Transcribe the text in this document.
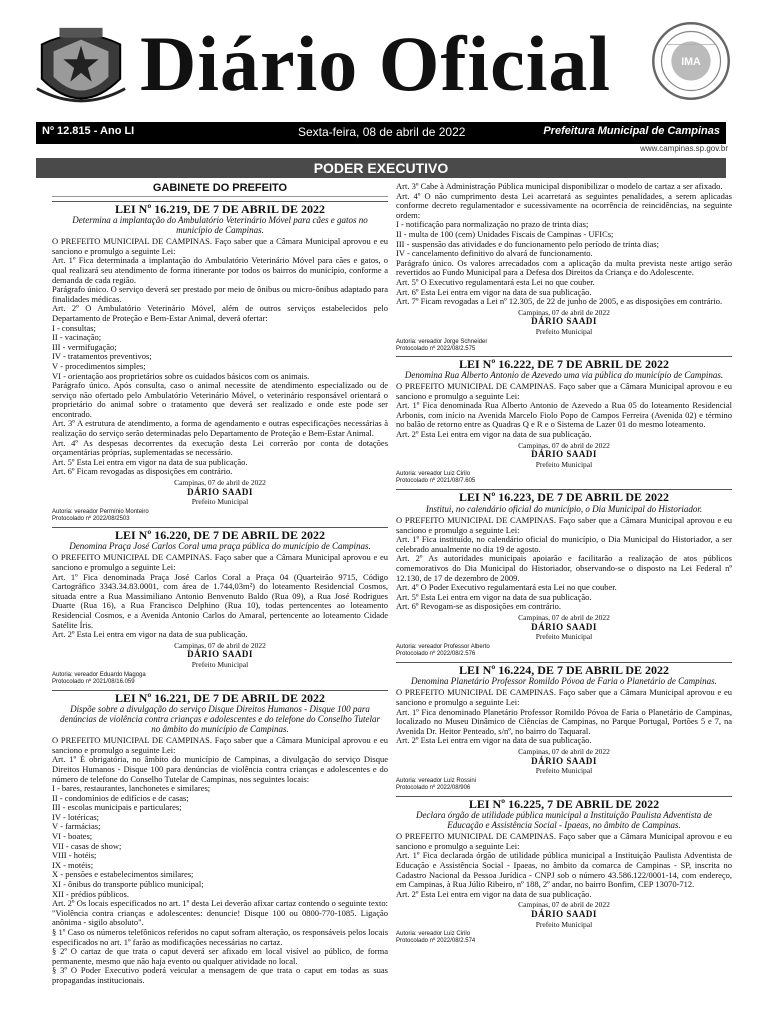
Diário Oficial	IMA
Nº 12.815 - Ano LI	Sexta-feira, 08 de abril de 2022	Prefeitura Municipal de Campinas
www.campinas.sp.gov.br
PODER EXECUTIVO
GABINETE DO PREFEITO
LEI Nº 16.219, DE 7 DE ABRIL DE 2022
Determina a implantação do Ambulatório Veterinário Móvel para cães e gatos no município de Campinas.

O PREFEITO MUNICIPAL DE CAMPINAS. Faço saber que a Câmara Municipal aprovou e eu sanciono e promulgo a seguinte Lei:

Art. 1º Fica determinada a implantação do Ambulatório Veterinário Móvel para cães e gatos, o qual realizará seu atendimento de forma itinerante por todos os bairros do município, conforme a demanda de cada região.

Parágrafo único. O serviço deverá ser prestado por meio de ônibus ou micro-ônibus adaptado para finalidades médicas.

Art. 2º O Ambulatório Veterinário Móvel, além de outros serviços estabelecidos pelo Departamento de Proteção e Bem-Estar Animal, deverá ofertar:

I - consultas;

II - vacinação;

III - vermifugação;

IV - tratamentos preventivos;

V - procedimentos simples;

VI - orientação aos proprietários sobre os cuidados básicos com os animais.

Parágrafo único. Após consulta, caso o animal necessite de atendimento especializado ou de serviço não ofertado pelo Ambulatório Veterinário Móvel, o veterinário responsável orientará o proprietário do animal sobre o tratamento que deverá ser realizado e onde este pode ser encontrado.

Art. 3º A estrutura de atendimento, a forma de agendamento e outras especificações necessárias à realização do serviço serão determinadas pelo Departamento de Proteção e Bem-Estar Animal.

Art. 4º As despesas decorrentes da execução desta Lei correrão por conta de dotações orçamentárias próprias, suplementadas se necessário.

Art. 5º Esta Lei entra em vigor na data de sua publicação.

Art. 6º Ficam revogadas as disposições em contrário.

Campinas, 07 de abril de 2022
DÁRIO SAADI
Prefeito Municipal
Autoria: vereador Permínio Monteiro
Protocolado nº 2022/08/2503
LEI Nº 16.220, DE 7 DE ABRIL DE 2022
Denomina Praça José Carlos Coral uma praça pública do município de Campinas.

O PREFEITO MUNICIPAL DE CAMPINAS. Faço saber que a Câmara Municipal aprovou e eu sanciono e promulgo a seguinte Lei:

Art. 1º Fica denominada Praça José Carlos Coral a Praça 04 (Quarteirão 9715, Código Cartográfico 3343.34.83.0001, com área de 1.744,03m²) do loteamento Residencial Cosmos, situada entre a Rua Massimiliano Antonio Benvenuto Baldo (Rua 09), a Rua José Rodrigues Duarte (Rua 16), a Rua Francisco Delphino (Rua 10), todas pertencentes ao loteamento Residencial Cosmos, e a Avenida Antonio Carlos do Amaral, pertencente ao loteamento Cidade Satélite Íris.

Art. 2º Esta Lei entra em vigor na data de sua publicação.

Campinas, 07 de abril de 2022
DÁRIO SAADI
Prefeito Municipal
Autoria: vereador Eduardo Magoga
Protocolado nº 2021/08/16.059
LEI Nº 16.221, DE 7 DE ABRIL DE 2022
Dispõe sobre a divulgação do serviço Disque Direitos Humanos - Disque 100 para denúncias de violência contra crianças e adolescentes e do telefone do Conselho Tutelar no âmbito do município de Campinas.

O PREFEITO MUNICIPAL DE CAMPINAS. Faço saber que a Câmara Municipal aprovou e eu sanciono e promulgo a seguinte Lei:

Art. 1º É obrigatória, no âmbito do município de Campinas, a divulgação do serviço Disque Direitos Humanos - Disque 100 para denúncias de violência contra crianças e adolescentes e do número de telefone do Conselho Tutelar de Campinas, nos seguintes locais:

I - bares, restaurantes, lanchonetes e similares;

II - condomínios de edifícios e de casas;

III - escolas municipais e particulares;

IV - lotéricas;

V - farmácias;

VI - boates;

VII - casas de show;

VIII - hotéis;

IX - motéis;

X - pensões e estabelecimentos similares;

XI - ônibus do transporte público municipal;

XII - prédios públicos.

Art. 2º Os locais especificados no art. 1º desta Lei deverão afixar cartaz contendo o seguinte texto: "Violência contra crianças e adolescentes: denuncie! Disque 100 ou 0800-770-1085. Ligação anônima - sigilo absoluto".

§ 1º Caso os números telefônicos referidos no caput sofram alteração, os responsáveis pelos locais especificados no art. 1º farão as modificações necessárias no cartaz.

§ 2º O cartaz de que trata o caput deverá ser afixado em local visível ao público, de forma permanente, mesmo que não haja evento ou qualquer atividade no local.

§ 3º O Poder Executivo poderá veicular a mensagem de que trata o caput em todas as suas propagandas institucionais.

Art. 3º Cabe à Administração Pública municipal disponibilizar o modelo de cartaz a ser afixado.

Art. 4º O não cumprimento desta Lei acarretará as seguintes penalidades, a serem aplicadas conforme decreto regulamentador e sucessivamente na ocorrência de reincidências, na seguinte ordem:

I - notificação para normalização no prazo de trinta dias;

II - multa de 100 (cem) Unidades Fiscais de Campinas - UFICs;

III - suspensão das atividades e do funcionamento pelo período de trinta dias;

IV - cancelamento definitivo do alvará de funcionamento.

Parágrafo único. Os valores arrecadados com a aplicação da multa prevista neste artigo serão revertidos ao Fundo Municipal para a Defesa dos Direitos da Criança e do Adolescente.

Art. 5º O Executivo regulamentará esta Lei no que couber.

Art. 6º Esta Lei entra em vigor na data de sua publicação.

Art. 7º Ficam revogadas a Lei nº 12.305, de 22 de junho de 2005, e as disposições em contrário.

Campinas, 07 de abril de 2022
DÁRIO SAADI
Prefeito Municipal
Autoria: vereador Jorge Schneider
Protocolado nº 2022/08/2.575
LEI Nº 16.222, DE 7 DE ABRIL DE 2022
Denomina Rua Alberto Antonio de Azevedo uma via pública do município de Campinas.

O PREFEITO MUNICIPAL DE CAMPINAS. Faço saber que a Câmara Municipal aprovou e eu sanciono e promulgo a seguinte Lei:

Art. 1º Fica denominada Rua Alberto Antonio de Azevedo a Rua 05 do loteamento Residencial Arbonis, com início na Avenida Marcelo Fiolo Popo de Campos Ferreira (Avenida 02) e término no balão de retorno entre as Quadras Q e R e o Sistema de Lazer 01 do mesmo loteamento.

Art. 2º Esta Lei entra em vigor na data de sua publicação.

Campinas, 07 de abril de 2022
DÁRIO SAADI
Prefeito Municipal
Autoria: vereador Luiz Cirilo
Protocolado nº 2021/08/7.605
LEI Nº 16.223, DE 7 DE ABRIL DE 2022
Institui, no calendário oficial do município, o Dia Municipal do Historiador.

O PREFEITO MUNICIPAL DE CAMPINAS. Faço saber que a Câmara Municipal aprovou e eu sanciono e promulgo a seguinte Lei:

Art. 1º Fica instituído, no calendário oficial do município, o Dia Municipal do Historiador, a ser celebrado anualmente no dia 19 de agosto.

Art. 2º As autoridades municipais apoiarão e facilitarão a realização de atos públicos comemorativos do Dia Municipal do Historiador, observando-se o disposto na Lei Federal nº 12.130, de 17 de dezembro de 2009.

Art. 4º O Poder Executivo regulamentará esta Lei no que couber.

Art. 5º Esta Lei entra em vigor na data de sua publicação.

Art. 6º Revogam-se as disposições em contrário.

Campinas, 07 de abril de 2022
DÁRIO SAADI
Prefeito Municipal
Autoria: vereador Professor Alberto
Protocolado nº 2022/08/2.576
LEI Nº 16.224, DE 7 DE ABRIL DE 2022
Denomina Planetário Professor Romildo Póvoa de Faria o Planetário de Campinas.

O PREFEITO MUNICIPAL DE CAMPINAS. Faço saber que a Câmara Municipal aprovou e eu sanciono e promulgo a seguinte Lei:

Art. 1º Fica denominado Planetário Professor Romildo Póvoa de Faria o Planetário de Campinas, localizado no Museu Dinâmico de Ciências de Campinas, no Parque Portugal, Portões 5 e 7, na Avenida Dr. Heitor Penteado, s/nº, no bairro do Taquaral.

Art. 2º Esta Lei entra em vigor na data de sua publicação.

Campinas, 07 de abril de 2022
DÁRIO SAADI
Prefeito Municipal
Autoria: vereador Luiz Rossini
Protocolado nº 2022/08/906
LEI Nº 16.225, 7 DE ABRIL DE 2022
Declara órgão de utilidade pública municipal a Instituição Paulista Adventista de Educação e Assistência Social - Ipaeas, no âmbito de Campinas.

O PREFEITO MUNICIPAL DE CAMPINAS. Faço saber que a Câmara Municipal aprovou e eu sanciono e promulgo a seguinte Lei:

Art. 1º Fica declarada órgão de utilidade pública municipal a Instituição Paulista Adventista de Educação e Assistência Social - Ipaeas, no âmbito da comarca de Campinas - SP, inscrita no Cadastro Nacional da Pessoa Jurídica - CNPJ sob o número 43.586.122/0001-14, com endereço, em Campinas, à Rua Júlio Ribeiro, nº 188, 2º andar, no bairro Bonfim, CEP 13070-712.

Art. 2º Esta Lei entra em vigor na data de sua publicação.

Campinas, 07 de abril de 2022
DÁRIO SAADI
Prefeito Municipal
Autoria: vereador Luiz Cirilo
Protocolado nº 2022/08/2.574
